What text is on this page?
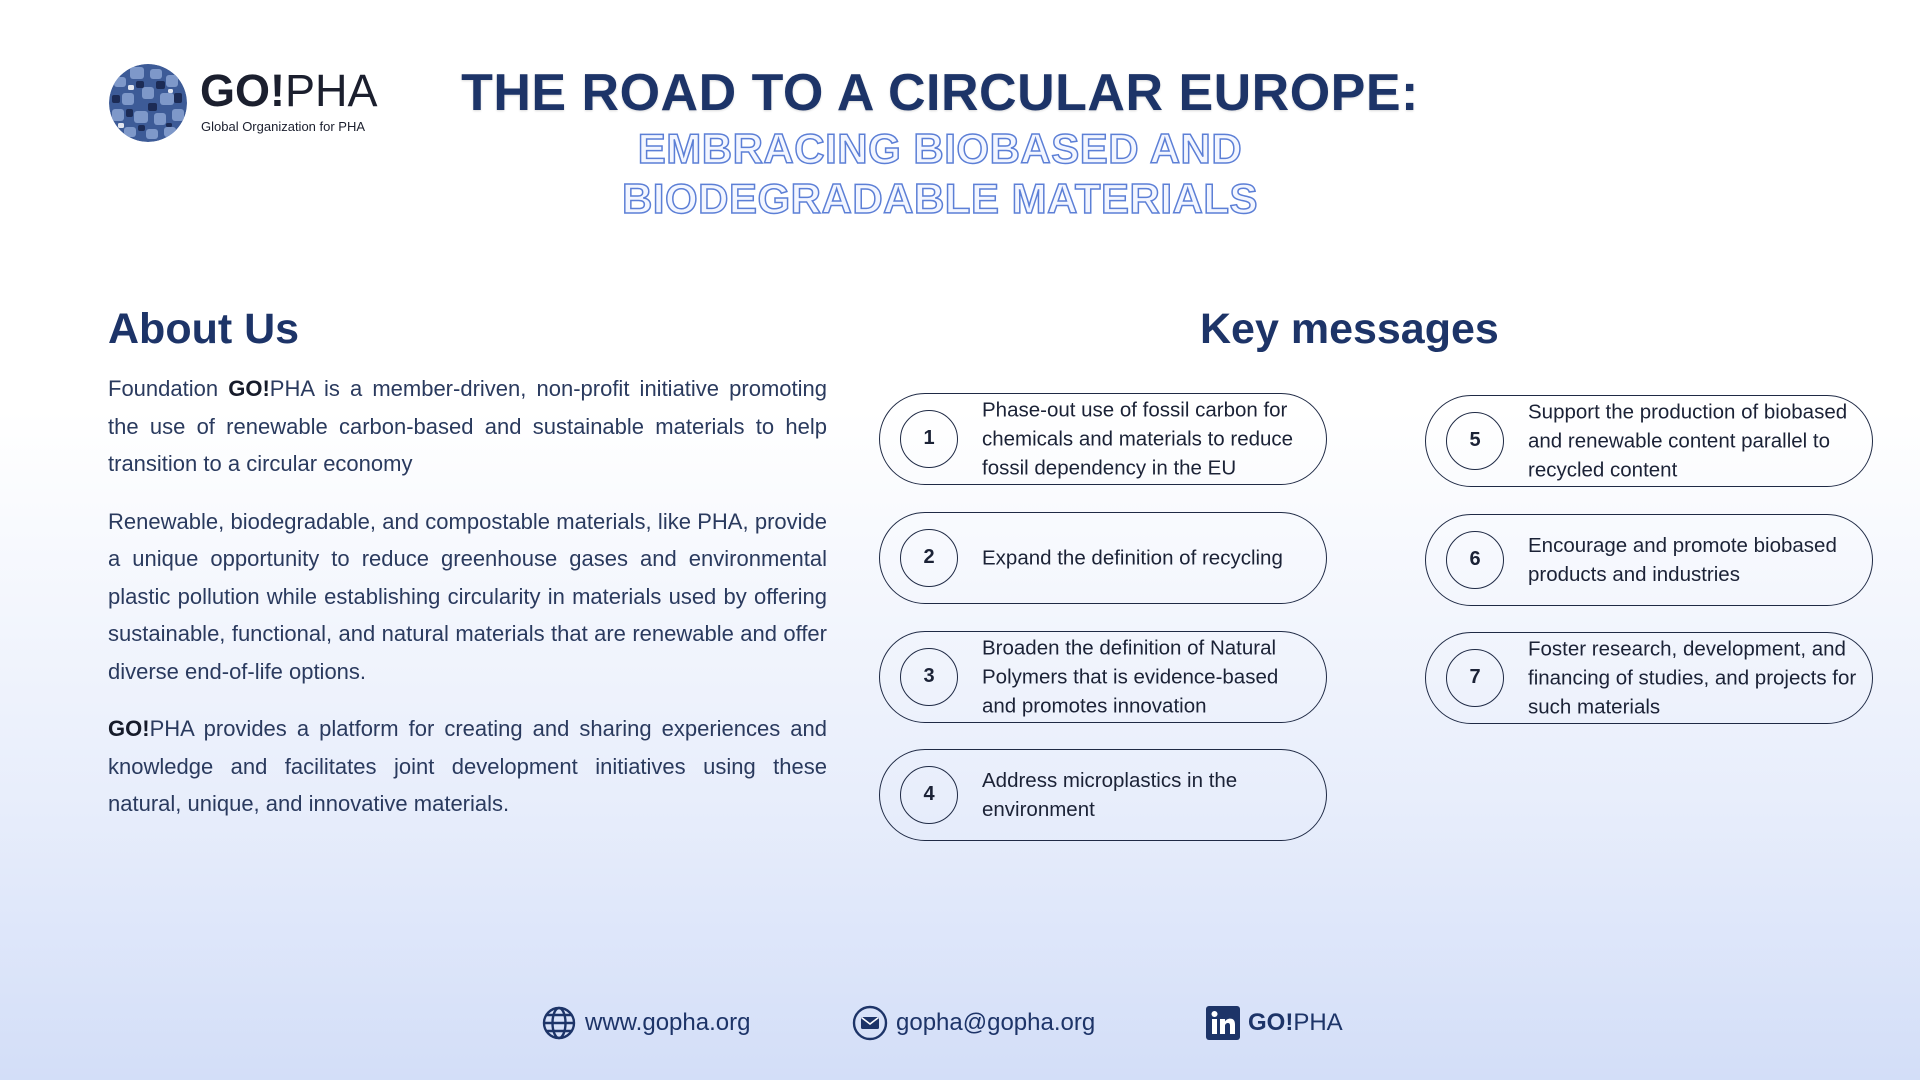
GO!PHA
Global Organization for PHA
THE ROAD TO A CIRCULAR EUROPE:
EMBRACING BIOBASED AND
BIODEGRADABLE MATERIALS
About Us

Foundation GO!PHA is a member-driven, non-profit initiative promoting the use of renewable carbon-based and sustainable materials to help transition to a circular economy

Renewable, biodegradable, and compostable materials, like PHA, provide a unique opportunity to reduce greenhouse gases and environmental plastic pollution while establishing circularity in materials used by offering sustainable, functional, and natural materials that are renewable and offer diverse end-of-life options.

GO!PHA provides a platform for creating and sharing experiences and knowledge and facilitates joint development initiatives using these natural, unique, and innovative materials.

Key messages
1
Phase-out use of fossil carbon for chemicals and materials to reduce fossil dependency in the EU
2	Expand the definition of recycling
3
Broaden the definition of Natural Polymers that is evidence-based and promotes innovation
4
Address microplastics in the environment
5
Support the production of biobased and renewable content parallel to recycled content
6
Encourage and promote biobased products and industries
7
Foster research, development, and financing of studies, and projects for such materials
www.gopha.org	gopha@gopha.org	GO!PHA
